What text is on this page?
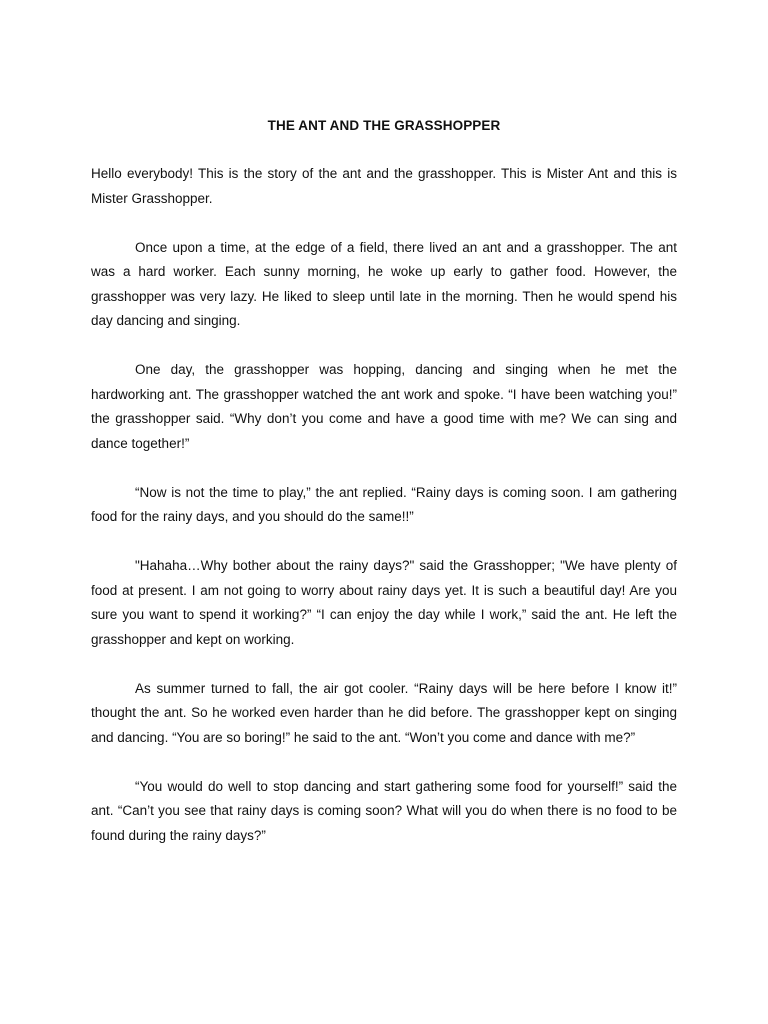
THE ANT AND THE GRASSHOPPER

Hello everybody! This is the story of the ant and the grasshopper. This is Mister Ant and this is Mister Grasshopper.

Once upon a time, at the edge of a field, there lived an ant and a grasshopper. The ant was a hard worker. Each sunny morning, he woke up early to gather food. However, the grasshopper was very lazy. He liked to sleep until late in the morning. Then he would spend his day dancing and singing.

One day, the grasshopper was hopping, dancing and singing when he met the hardworking ant. The grasshopper watched the ant work and spoke. “I have been watching you!” the grasshopper said. “Why don’t you come and have a good time with me? We can sing and dance together!”

“Now is not the time to play,” the ant replied. “Rainy days is coming soon. I am gathering food for the rainy days, and you should do the same!!”

"Hahaha…Why bother about the rainy days?" said the Grasshopper; "We have plenty of food at present. I am not going to worry about rainy days yet. It is such a beautiful day! Are you sure you want to spend it working?” “I can enjoy the day while I work,” said the ant. He left the grasshopper and kept on working.

As summer turned to fall, the air got cooler. “Rainy days will be here before I know it!” thought the ant. So he worked even harder than he did before. The grasshopper kept on singing and dancing. “You are so boring!” he said to the ant. “Won’t you come and dance with me?”

“You would do well to stop dancing and start gathering some food for yourself!” said the ant. “Can’t you see that rainy days is coming soon? What will you do when there is no food to be found during the rainy days?”
